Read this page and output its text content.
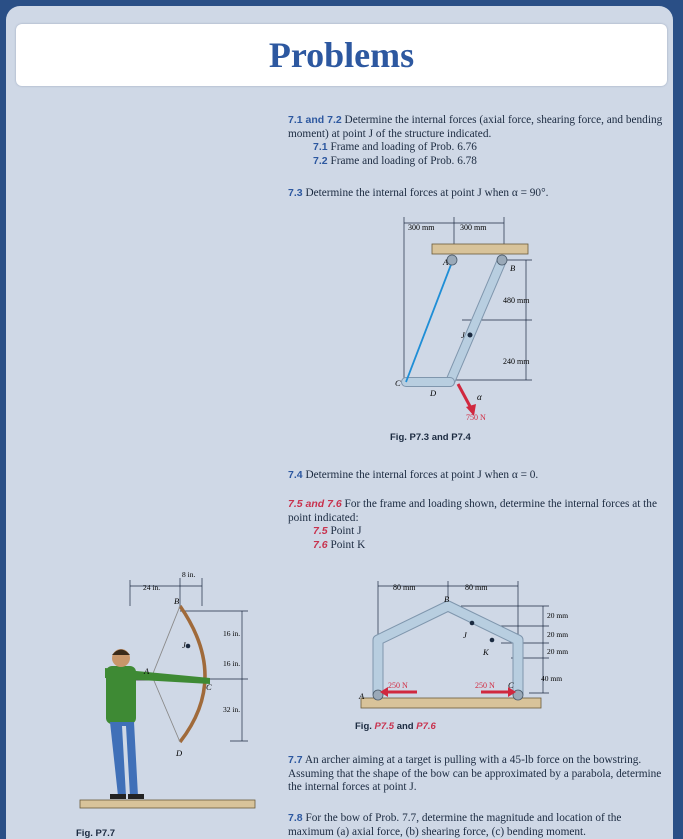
Problems
7.1 and 7.2 Determine the internal forces (axial force, shearing force, and bending moment) at point J of the structure indicated.
7.1 Frame and loading of Prob. 6.76
7.2 Frame and loading of Prob. 6.78
7.3 Determine the internal forces at point J when α = 90°.
300 mm	300 mm
480 mm
240 mm
A
B
C
D
J
α
750 N
Fig. P7.3 and P7.4
7.4 Determine the internal forces at point J when α = 0.
7.5 and 7.6 For the frame and loading shown, determine the internal forces at the point indicated:
7.5 Point J
7.6 Point K
80 mm	80 mm
20 mm
20 mm
20 mm
40 mm
250 N	250 N
A
B
C
J
K
Fig. P7.5 and P7.6
7.7 An archer aiming at a target is pulling with a 45-lb force on the bowstring. Assuming that the shape of the bow can be approximated by a parabola, determine the internal forces at point J.
7.8 For the bow of Prob. 7.7, determine the magnitude and location of the maximum (a) axial force, (b) shearing force, (c) bending moment.
8 in.
24 in.
16 in.
16 in.
32 in.
B
J
A
C
D
Fig. P7.7
